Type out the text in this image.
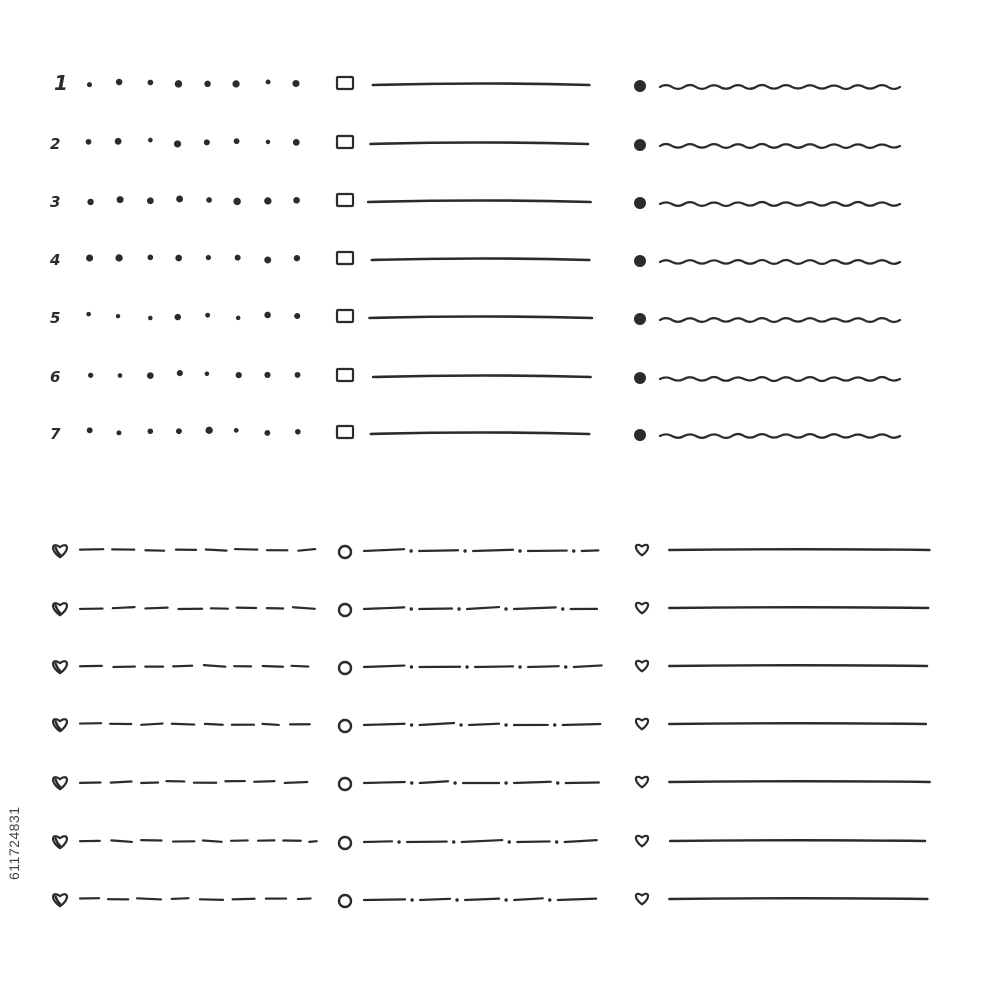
1
2
3
4
5
6
7
611724831
